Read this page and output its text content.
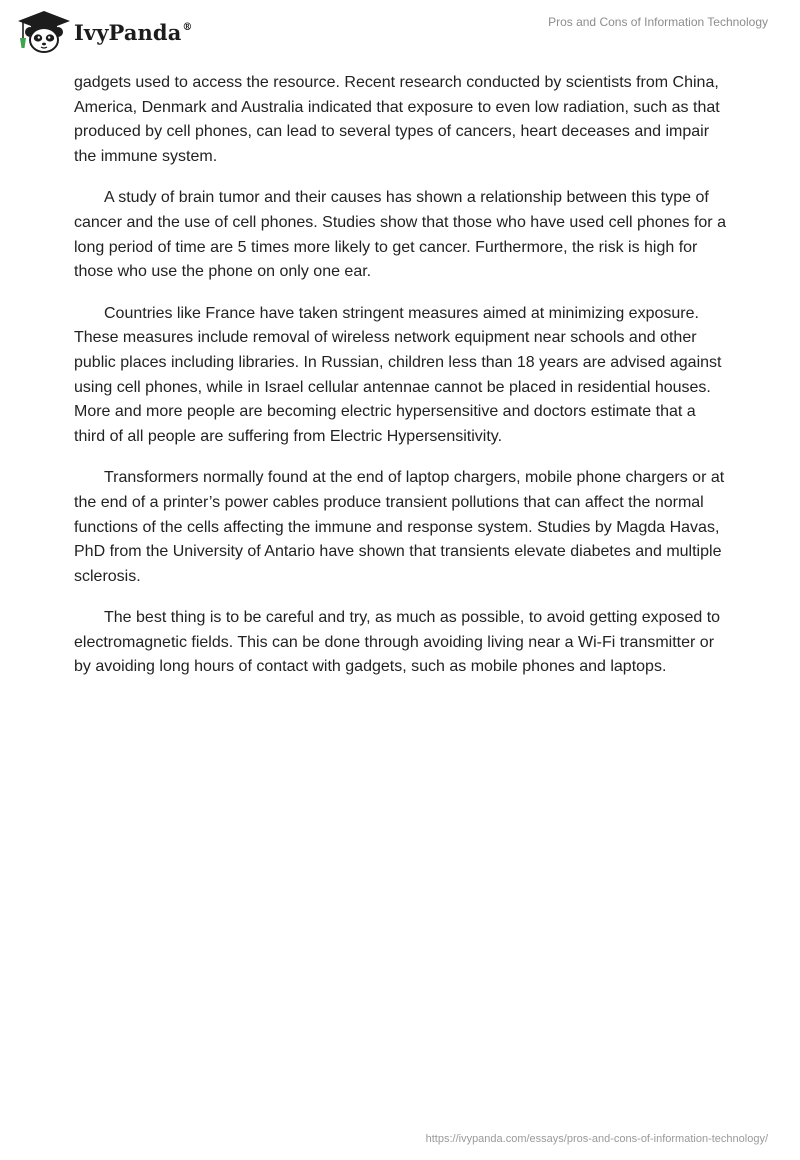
IvyPanda®	Pros and Cons of Information Technology

gadgets used to access the resource. Recent research conducted by scientists from China, America, Denmark and Australia indicated that exposure to even low radiation, such as that produced by cell phones, can lead to several types of cancers, heart deceases and impair the immune system.

A study of brain tumor and their causes has shown a relationship between this type of cancer and the use of cell phones. Studies show that those who have used cell phones for a long period of time are 5 times more likely to get cancer. Furthermore, the risk is high for those who use the phone on only one ear.

Countries like France have taken stringent measures aimed at minimizing exposure. These measures include removal of wireless network equipment near schools and other public places including libraries. In Russian, children less than 18 years are advised against using cell phones, while in Israel cellular antennae cannot be placed in residential houses. More and more people are becoming electric hypersensitive and doctors estimate that a third of all people are suffering from Electric Hypersensitivity.

Transformers normally found at the end of laptop chargers, mobile phone chargers or at the end of a printer’s power cables produce transient pollutions that can affect the normal functions of the cells affecting the immune and response system. Studies by Magda Havas, PhD from the University of Antario have shown that transients elevate diabetes and multiple sclerosis.

The best thing is to be careful and try, as much as possible, to avoid getting exposed to electromagnetic fields. This can be done through avoiding living near a Wi-Fi transmitter or by avoiding long hours of contact with gadgets, such as mobile phones and laptops.

https://ivypanda.com/essays/pros-and-cons-of-information-technology/
